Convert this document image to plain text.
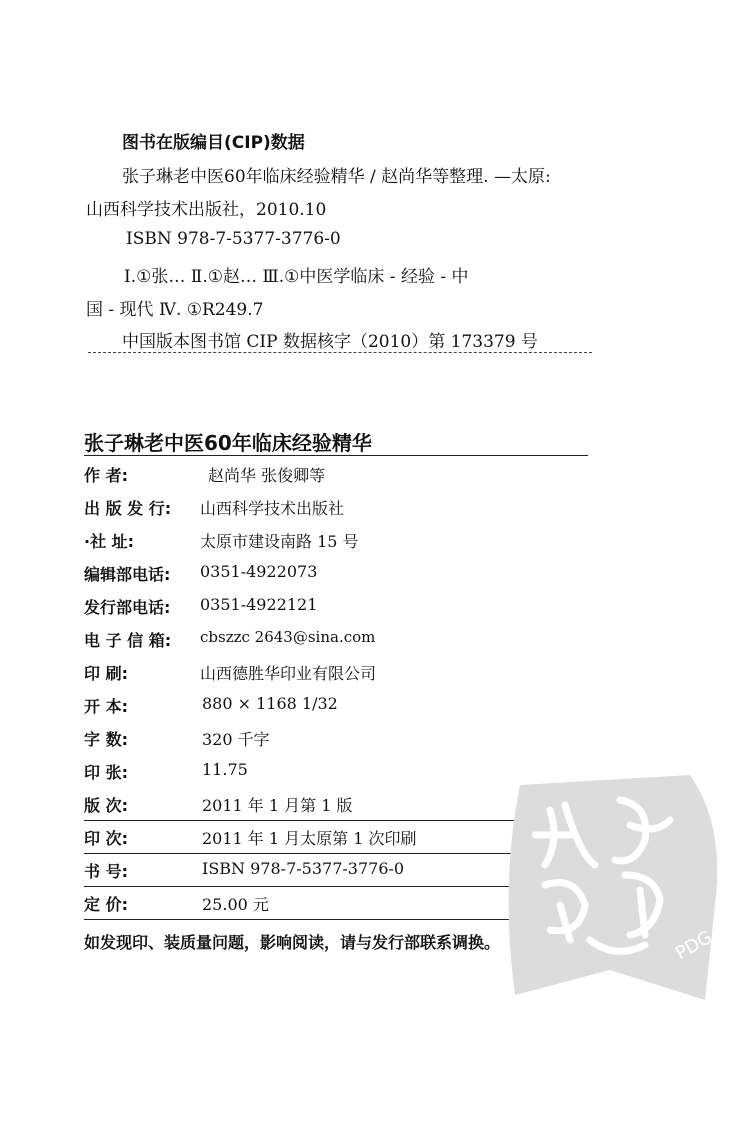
图书在版编目(CIP)数据
张子琳老中医60年临床经验精华 / 赵尚华等整理. —太原:
山西科学技术出版社，2010.10
ISBN 978-7-5377-3776-0
Ⅰ.①张… Ⅱ.①赵… Ⅲ.①中医学临床 - 经验 - 中
国 - 现代 Ⅳ. ①R249.7
中国版本图书馆 CIP 数据核字（2010）第 173379 号
张子琳老中医60年临床经验精华
作 者:	赵尚华 张俊卿等
出 版 发 行: 山西科学技术出版社
·社 址:	太原市建设南路 15 号
编辑部电话: 0351-4922073
发行部电话: 0351-4922121
电 子 信 箱: cbszzc 2643@sina.com
印 刷:	山西德胜华印业有限公司
开 本:	880 × 1168 1/32
字 数:	320 千字
印 张:	11.75
版 次:	2011 年 1 月第 1 版
印 次:	2011 年 1 月太原第 1 次印刷
书 号:	ISBN 978-7-5377-3776-0
定 价:	25.00 元
如发现印、装质量问题，影响阅读，请与发行部联系调换。	PDG
